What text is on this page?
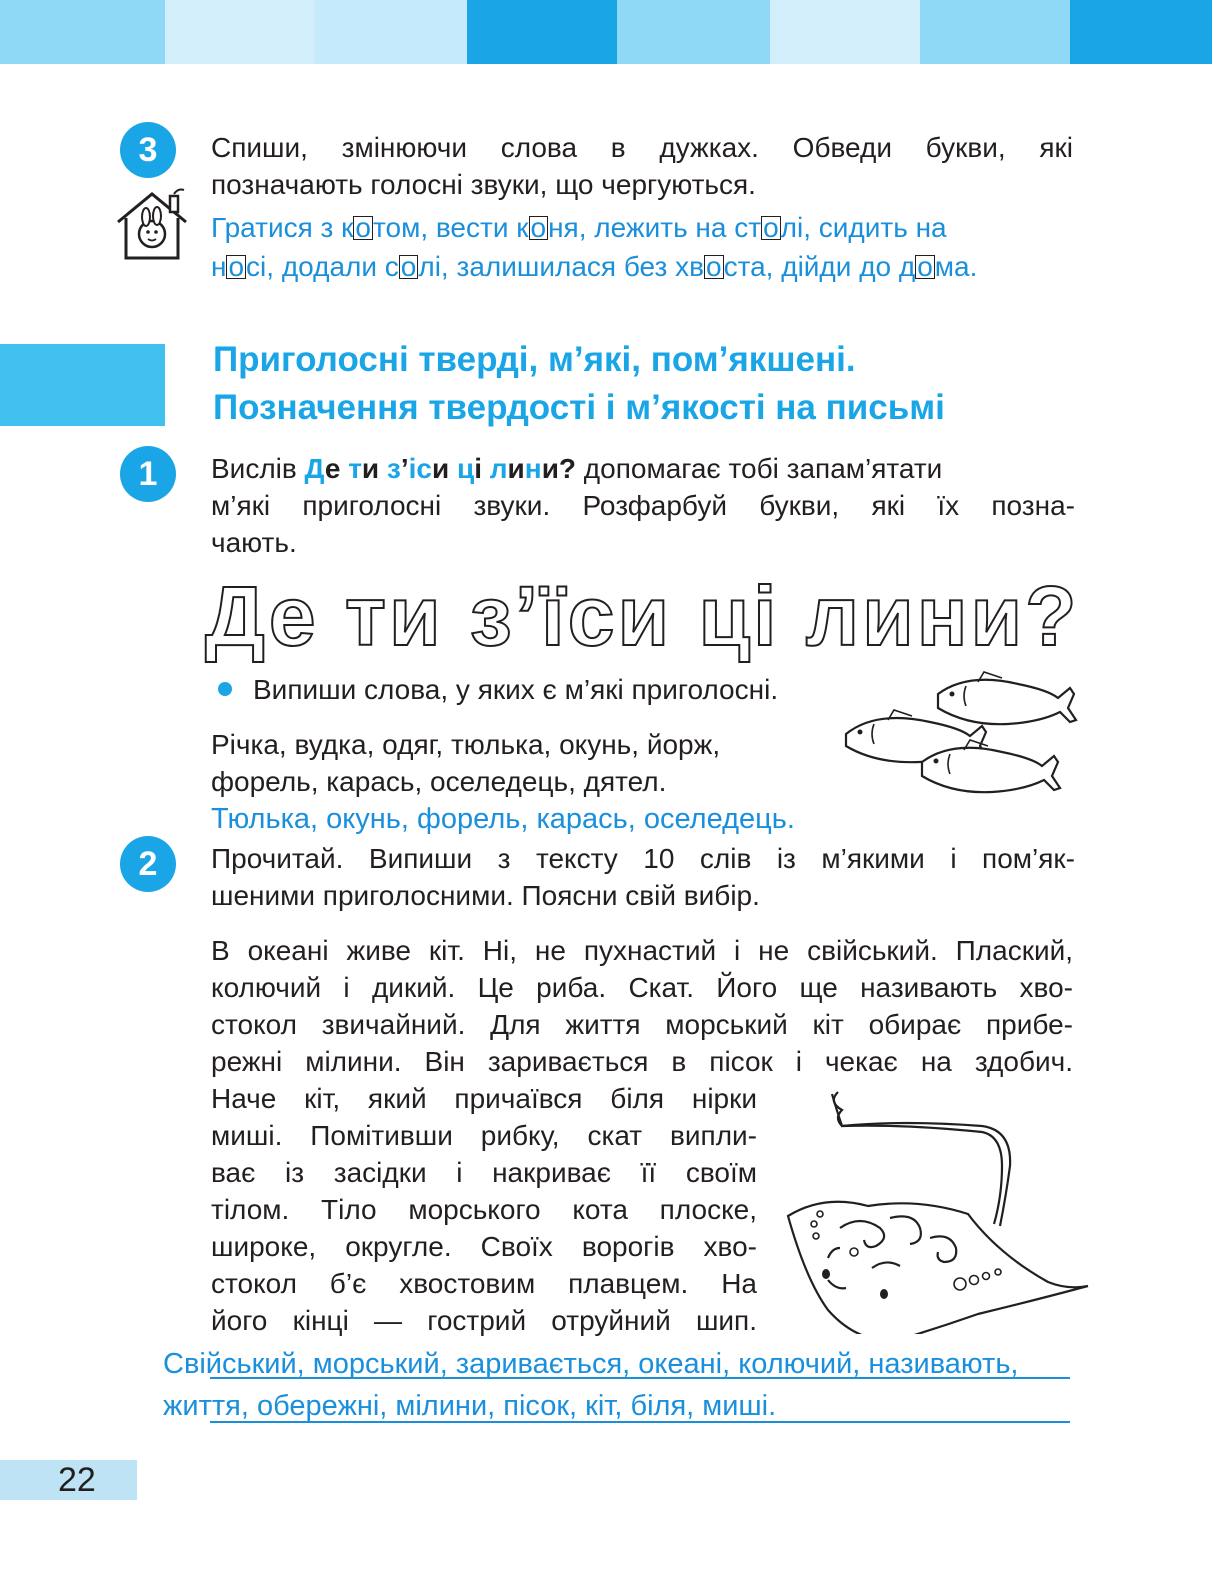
3	Спиши, змінюючи слова в дужках. Обведи букви, які
позначають голосні звуки, що чергуються.
Гратися з котом, вести коня, лежить на столі, сидить на
носі, додали солі, залишилася без хвоста, дійди до дома.
Приголосні тверді, м’які, пом’якшені.
Позначення твердості і м’якості на письмі
1	Вислів Де ти з’іси ці лини? допомагає тобі запам’ятати
м’які приголосні звуки. Розфарбуй букви, які їх позна-
чають.
Де ти з’їси ці лини?
Випиши слова, у яких є м’які приголосні.
Річка, вудка, одяг, тюлька, окунь, йорж,
форель, карась, оселедець, дятел.
Тюлька, окунь, форель, карась, оселедець.
2	Прочитай. Випиши з тексту 10 слів із м’якими і пом’як-
шеними приголосними. Поясни свій вибір.
В океані живе кіт. Ні, не пухнастий і не свійський. Плаский,
колючий і дикий. Це риба. Скат. Його ще називають хво-
стокол звичайний. Для життя морський кіт обирає прибе-
режні мілини. Він заривається в пісок і чекає на здобич.
Наче кіт, який причаївся біля нірки
миші. Помітивши рибку, скат випли-
ває із засідки і накриває її своїм
тілом. Тіло морського кота плоске,
широке, округле. Своїх ворогів хво-
стокол б’є хвостовим плавцем. На
його кінці — гострий отруйний шип.
Свійський, морський, заривається, океані, колючий, називають,
життя, обережні, мілини, пісок, кіт, біля, миші.
22
